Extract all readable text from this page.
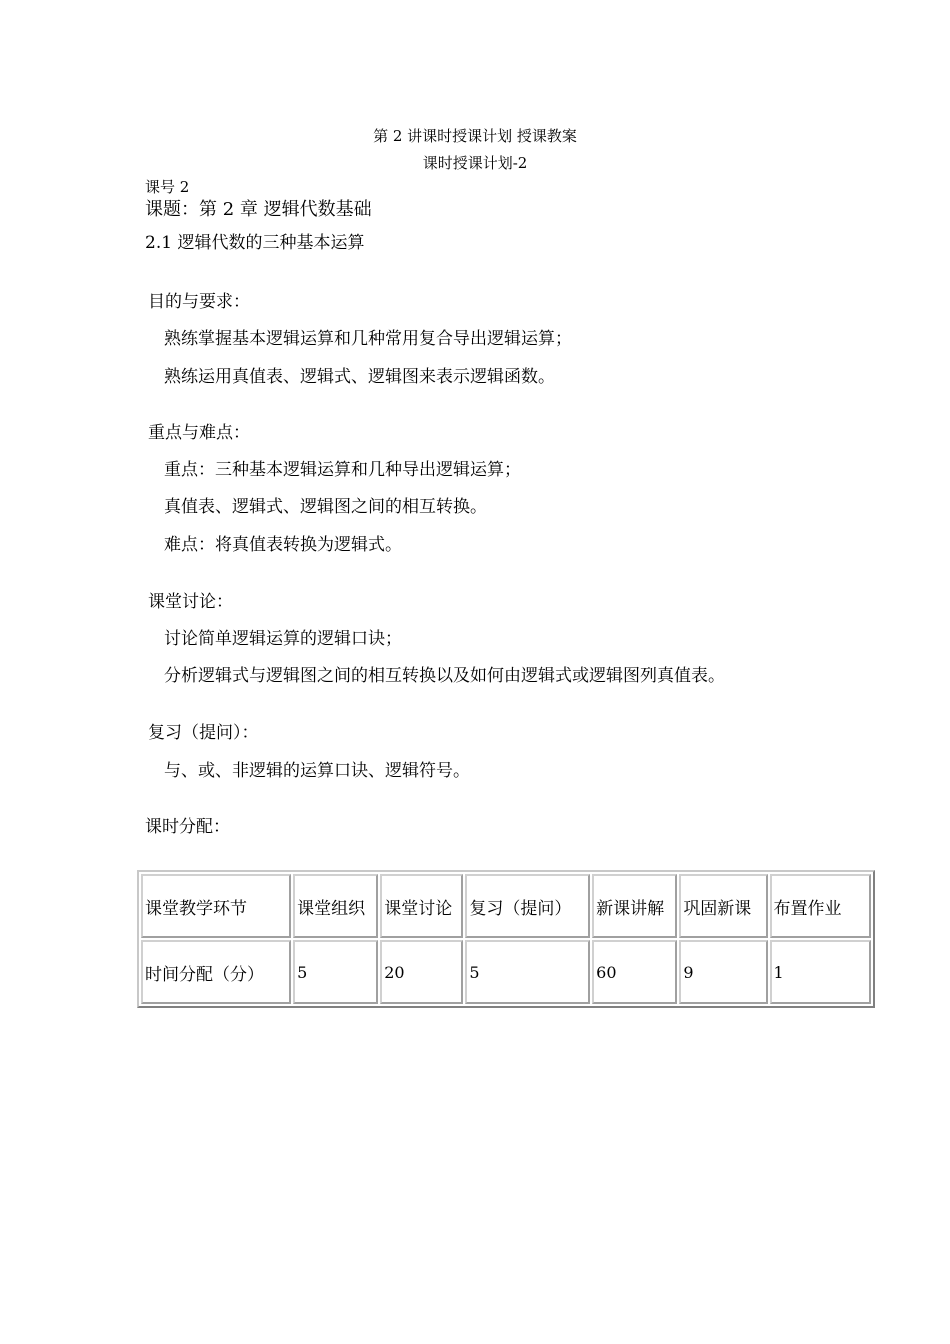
第 2 讲课时授课计划 授课教案
课时授课计划-2
课号 2
课题：第 2 章 逻辑代数基础
2.1 逻辑代数的三种基本运算
目的与要求：
熟练掌握基本逻辑运算和几种常用复合导出逻辑运算；
熟练运用真值表、逻辑式、逻辑图来表示逻辑函数。
重点与难点：
重点：三种基本逻辑运算和几种导出逻辑运算；
真值表、逻辑式、逻辑图之间的相互转换。
难点：将真值表转换为逻辑式。
课堂讨论：
讨论简单逻辑运算的逻辑口诀；
分析逻辑式与逻辑图之间的相互转换以及如何由逻辑式或逻辑图列真值表。
复习（提问）：
与、或、非逻辑的运算口诀、逻辑符号。
课时分配：
课堂教学环节	课堂组织	课堂讨论	复习（提问）	新课讲解	巩固新课	布置作业
时间分配（分）	5	20	5	60	9	1
